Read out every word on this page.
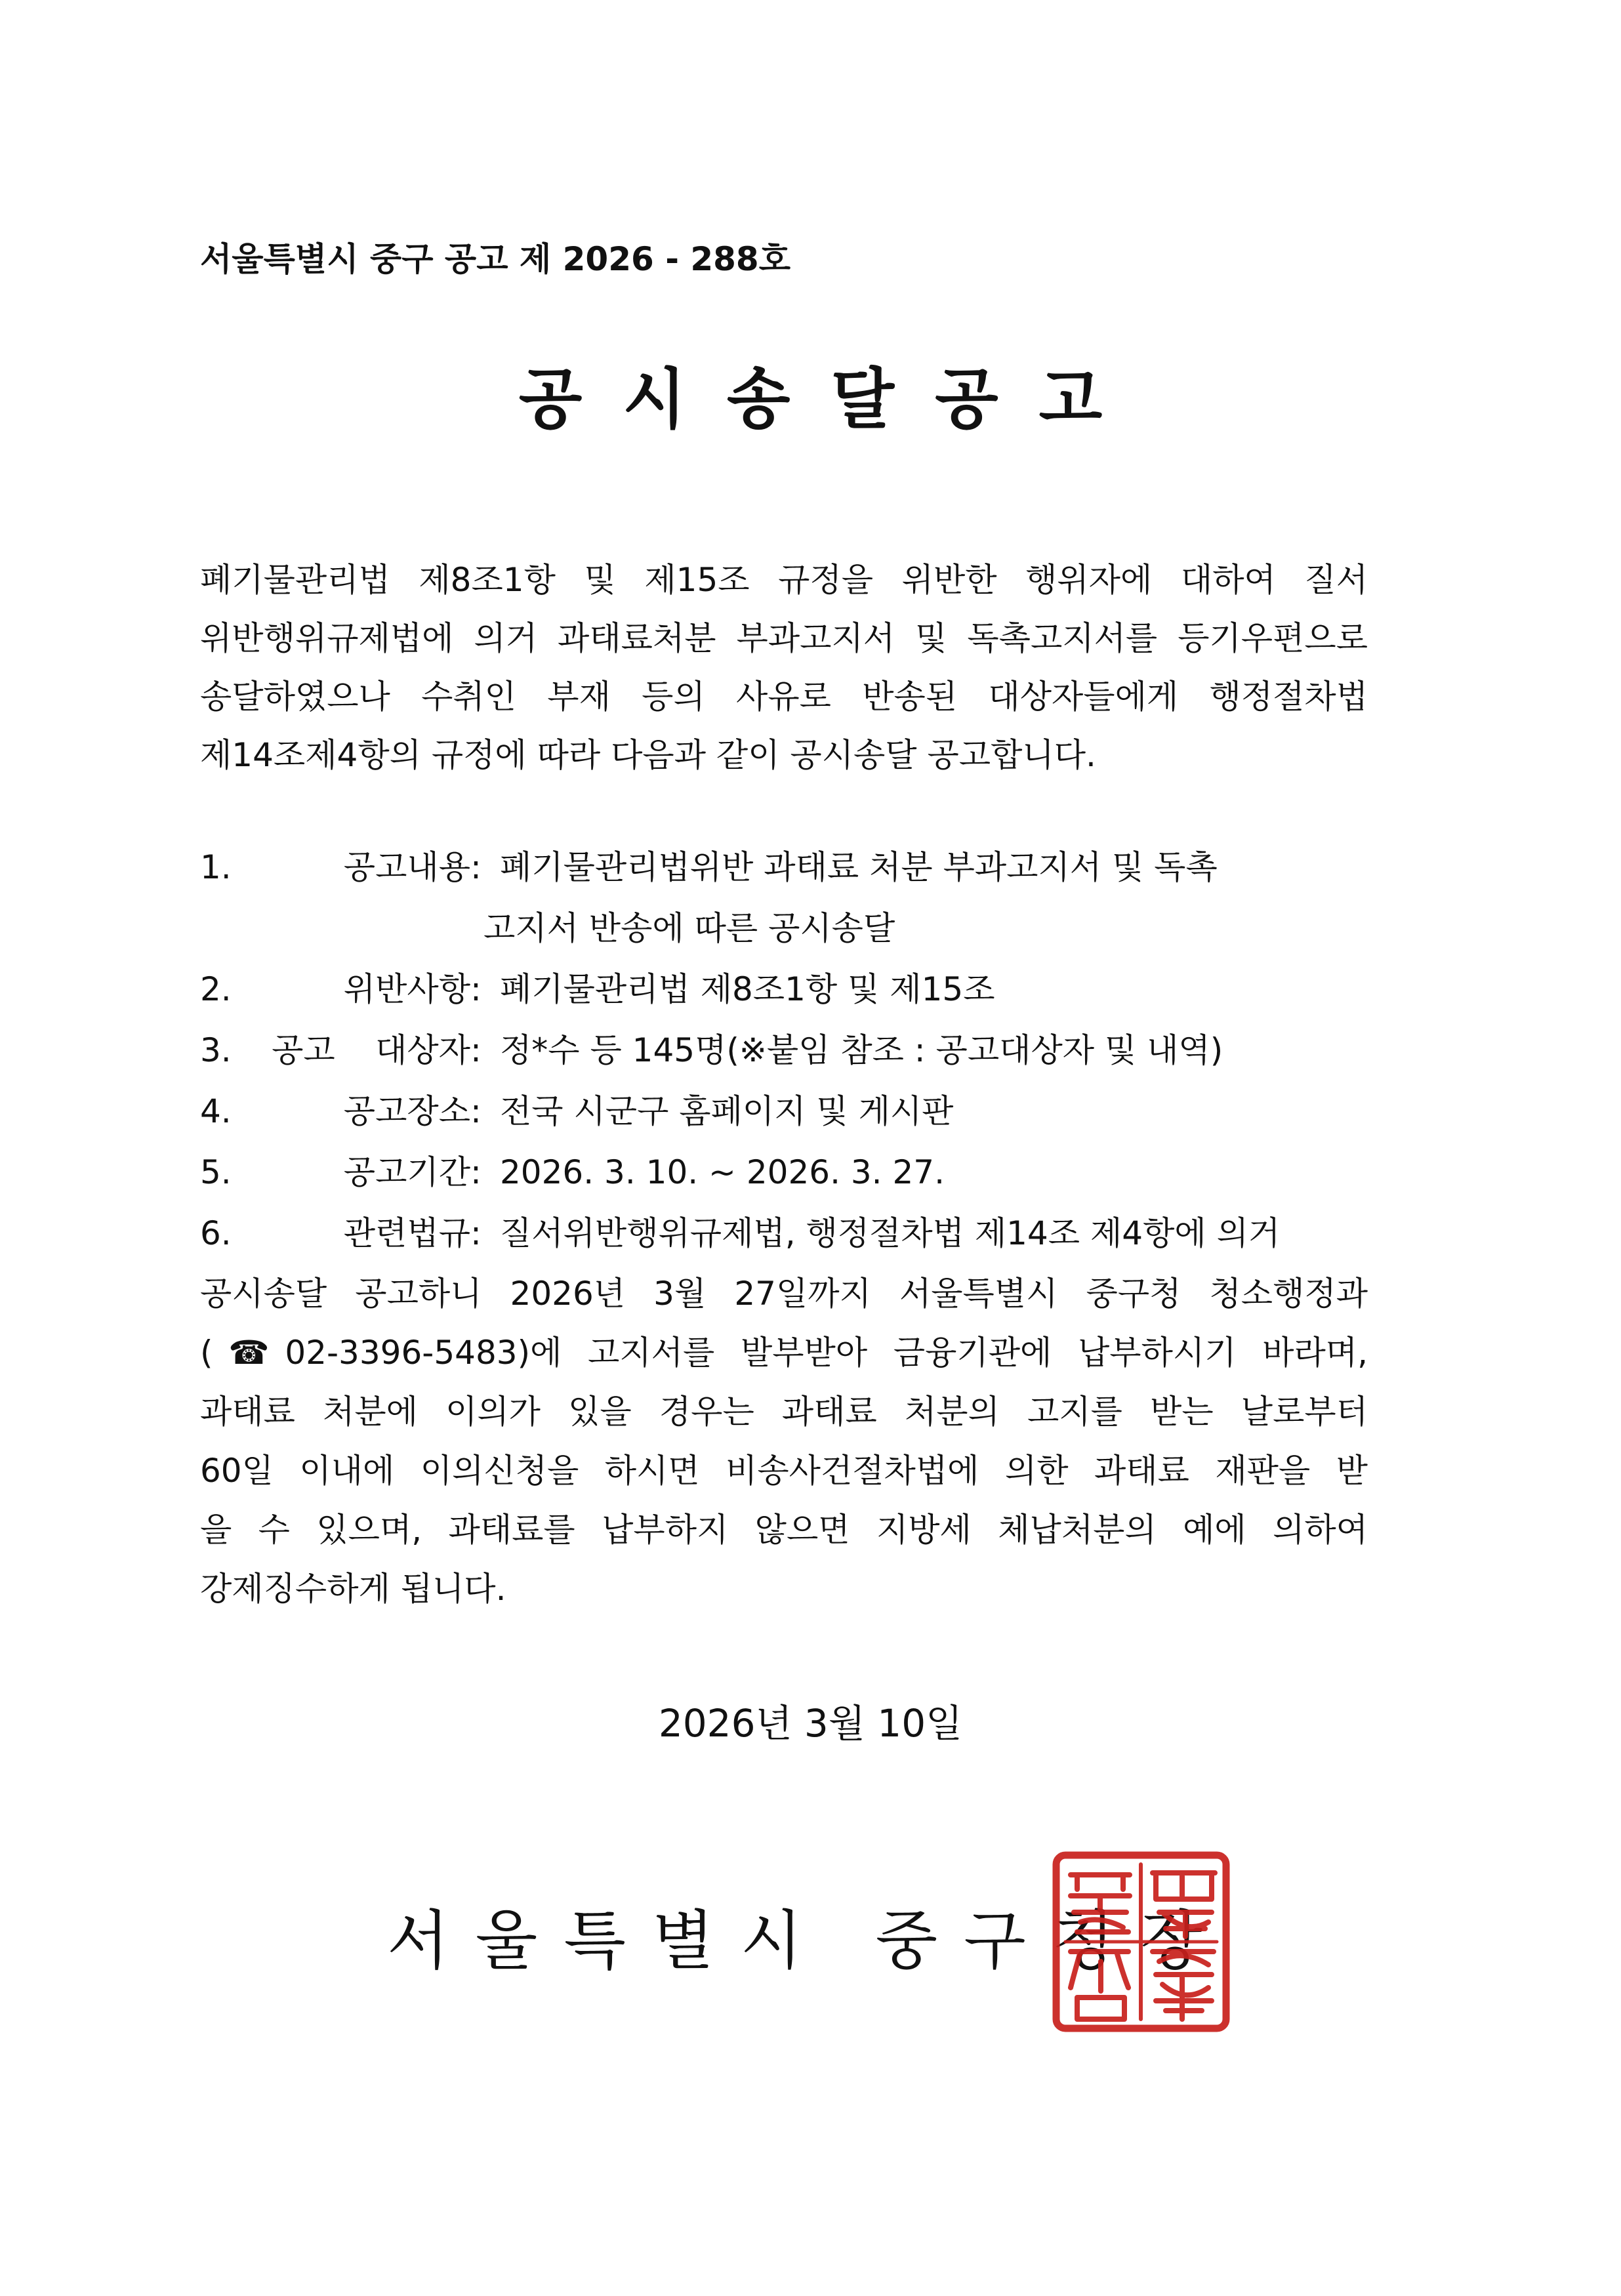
서울특별시 중구 공고 제 2026 - 288호
공시송달공고
폐기물관리법 제8조1항 및 제15조 규정을 위반한 행위자에 대하여 질서
위반행위규제법에 의거 과태료처분 부과고지서 및 독촉고지서를 등기우편으로
송달하였으나 수취인 부재 등의 사유로 반송된 대상자들에게 행정절차법
제14조제4항의 규정에 따라 다음과 같이 공시송달 공고합니다.
1.	공고내용: 폐기물관리법위반 과태료 처분 부과고지서 및 독촉
고지서 반송에 따른 공시송달
2.	위반사항: 폐기물관리법 제8조1항 및 제15조
3. 공고 대상자: 정*수 등 145명(※붙임 참조 : 공고대상자 및 내역)
4.	공고장소: 전국 시군구 홈페이지 및 게시판
5.	공고기간: 2026. 3. 10. ~ 2026. 3. 27.
6.	관련법규: 질서위반행위규제법, 행정절차법 제14조 제4항에 의거
공시송달 공고하니 2026년 3월 27일까지 서울특별시 중구청 청소행정과
(☎02-3396-5483)에 고지서를 발부받아 금융기관에 납부하시기 바라며,
과태료 처분에 이의가 있을 경우는 과태료 처분의 고지를 받는 날로부터
60일 이내에 이의신청을 하시면 비송사건절차법에 의한 과태료 재판을 받
을 수 있으며, 과태료를 납부하지 않으면 지방세 체납처분의 예에 의하여
강제징수하게 됩니다.
2026년 3월 10일
서울특별시 중구청장
